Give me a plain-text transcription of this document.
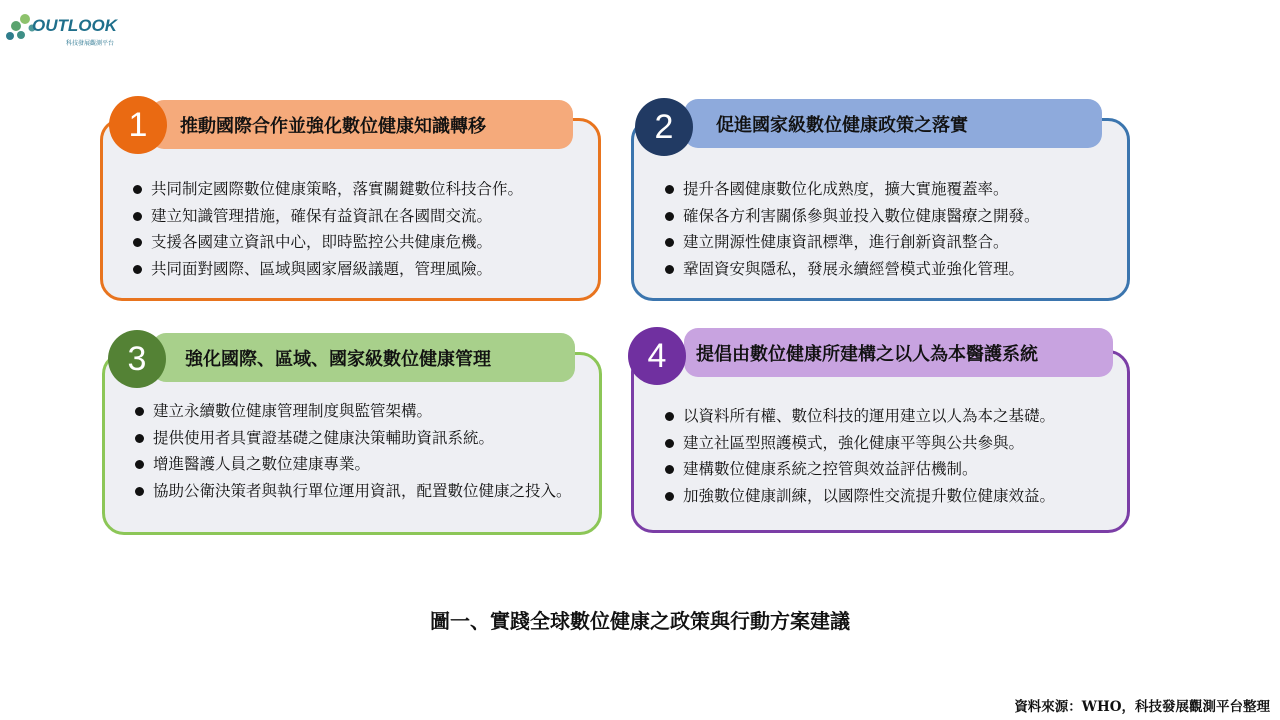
OUTLOOK
科技發展觀測平台
推動國際合作並強化數位健康知識轉移
1
共同制定國際數位健康策略，落實關鍵數位科技合作。
建立知識管理措施，確保有益資訊在各國間交流。
支援各國建立資訊中心，即時監控公共健康危機。
共同面對國際、區域與國家層級議題，管理風險。
促進國家級數位健康政策之落實
2
提升各國健康數位化成熟度，擴大實施覆蓋率。
確保各方利害關係參與並投入數位健康醫療之開發。
建立開源性健康資訊標準，進行創新資訊整合。
鞏固資安與隱私，發展永續經營模式並強化管理。
強化國際、區域、國家級數位健康管理
3
建立永續數位健康管理制度與監管架構。
提供使用者具實證基礎之健康決策輔助資訊系統。
增進醫護人員之數位建康專業。
協助公衛決策者與執行單位運用資訊，配置數位健康之投入。
提倡由數位健康所建構之以人為本醫護系統
4
以資料所有權、數位科技的運用建立以人為本之基礎。
建立社區型照護模式，強化健康平等與公共參與。
建構數位健康系統之控管與效益評估機制。
加強數位健康訓練，以國際性交流提升數位健康效益。
圖一、實踐全球數位健康之政策與行動方案建議
資料來源：WHO，科技發展觀測平台整理
